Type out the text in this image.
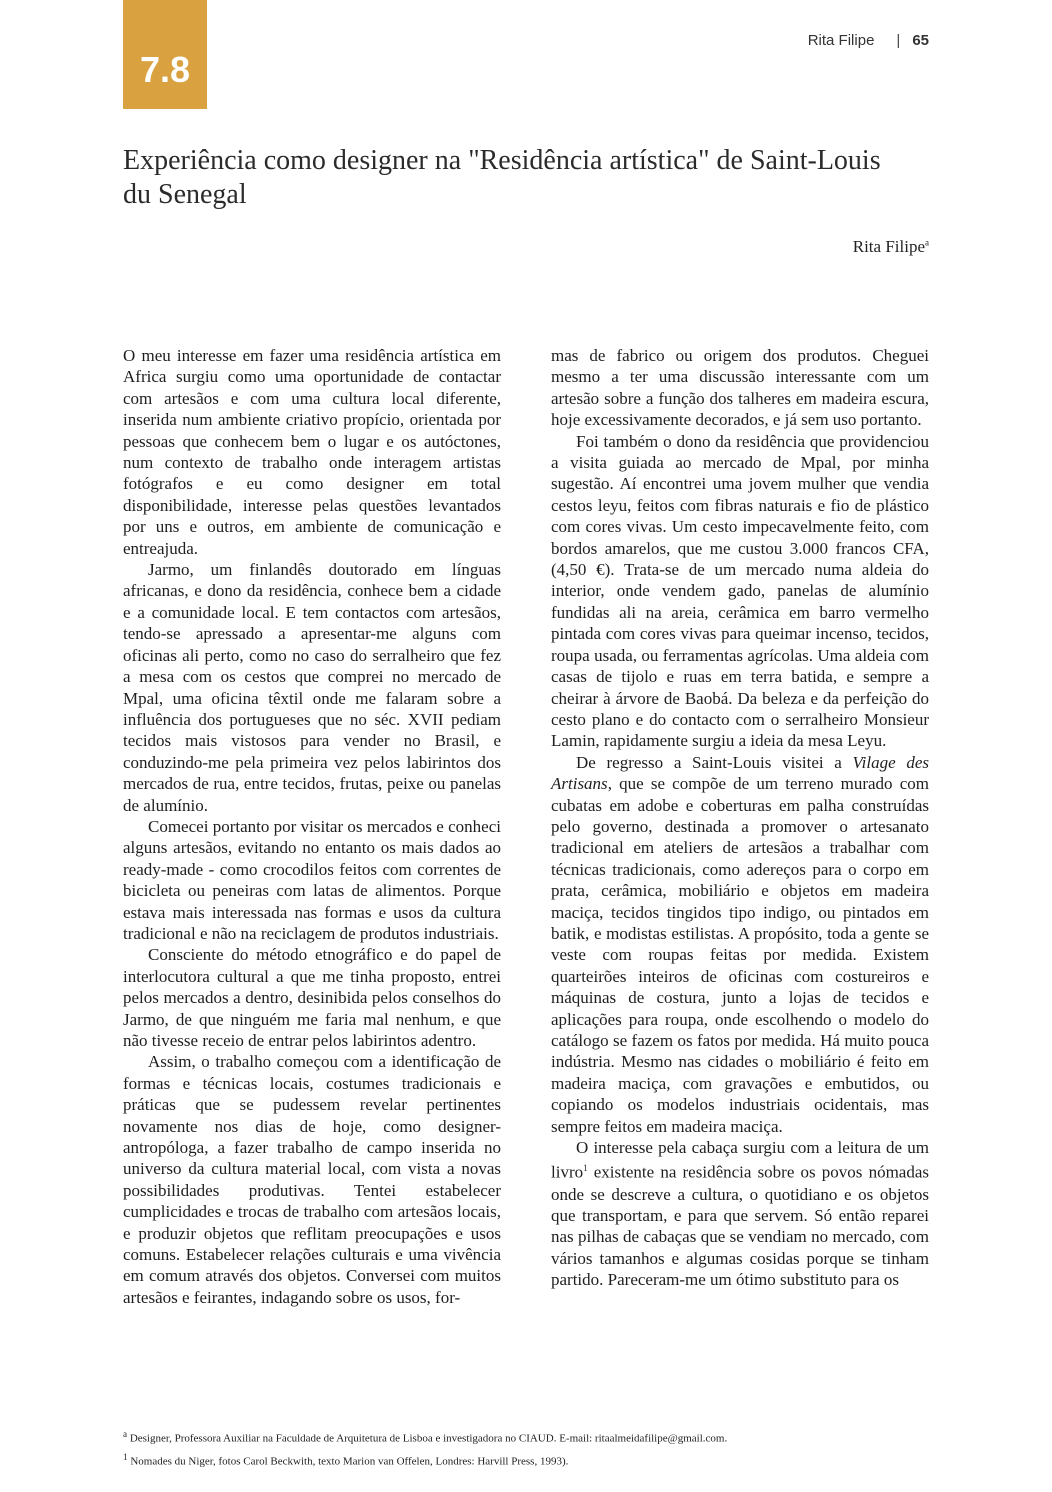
7.8
Rita Filipe | 65
Experiência como designer na "Residência artística" de Saint-Louis du Senegal
Rita Filipe$^a$

O meu interesse em fazer uma residência artística em Africa surgiu como uma oportunidade de contactar com artesãos e com uma cultura local diferente, inserida num ambiente criativo propício, orientada por pessoas que conhecem bem o lugar e os autóctones, num contexto de trabalho onde interagem artistas fotógrafos e eu como designer em total disponibilidade, interesse pelas questões levantados por uns e outros, em ambiente de comunicação e entreajuda.

Jarmo, um finlandês doutorado em línguas africanas, e dono da residência, conhece bem a cidade e a comunidade local. E tem contactos com artesãos, tendo-se apressado a apresentar-me alguns com oficinas ali perto, como no caso do serralheiro que fez a mesa com os cestos que comprei no mercado de Mpal, uma oficina têxtil onde me falaram sobre a influência dos portugueses que no séc. XVII pediam tecidos mais vistosos para vender no Brasil, e conduzindo-me pela primeira vez pelos labirintos dos mercados de rua, entre tecidos, frutas, peixe ou panelas de alumínio.

Comecei portanto por visitar os mercados e conheci alguns artesãos, evitando no entanto os mais dados ao ready-made - como crocodilos feitos com correntes de bicicleta ou peneiras com latas de alimentos. Porque estava mais interessada nas formas e usos da cultura tradicional e não na reciclagem de produtos industriais.

Consciente do método etnográfico e do papel de interlocutora cultural a que me tinha proposto, entrei pelos mercados a dentro, desinibida pelos conselhos do Jarmo, de que ninguém me faria mal nenhum, e que não tivesse receio de entrar pelos labirintos adentro.

Assim, o trabalho começou com a identificação de formas e técnicas locais, costumes tradicionais e práticas que se pudessem revelar pertinentes novamente nos dias de hoje, como designer-antropóloga, a fazer trabalho de campo inserida no universo da cultura material local, com vista a novas possibilidades produtivas. Tentei estabelecer cumplicidades e trocas de trabalho com artesãos locais, e produzir objetos que reflitam preocupações e usos comuns. Estabelecer relações culturais e uma vivência em comum através dos objetos. Conversei com muitos artesãos e feirantes, indagando sobre os usos, for-

mas de fabrico ou origem dos produtos. Cheguei mesmo a ter uma discussão interessante com um artesão sobre a função dos talheres em madeira escura, hoje excessivamente decorados, e já sem uso portanto.

Foi também o dono da residência que providenciou a visita guiada ao mercado de Mpal, por minha sugestão. Aí encontrei uma jovem mulher que vendia cestos leyu, feitos com fibras naturais e fio de plástico com cores vivas. Um cesto impecavelmente feito, com bordos amarelos, que me custou 3.000 francos CFA, (4,50 €). Trata-se de um mercado numa aldeia do interior, onde vendem gado, panelas de alumínio fundidas ali na areia, cerâmica em barro vermelho pintada com cores vivas para queimar incenso, tecidos, roupa usada, ou ferramentas agrícolas. Uma aldeia com casas de tijolo e ruas em terra batida, e sempre a cheirar à árvore de Baobá. Da beleza e da perfeição do cesto plano e do contacto com o serralheiro Monsieur Lamin, rapidamente surgiu a ideia da mesa Leyu.

De regresso a Saint-Louis visitei a Vilage des Artisans, que se compõe de um terreno murado com cubatas em adobe e coberturas em palha construídas pelo governo, destinada a promover o artesanato tradicional em ateliers de artesãos a trabalhar com técnicas tradicionais, como adereços para o corpo em prata, cerâmica, mobiliário e objetos em madeira maciça, tecidos tingidos tipo indigo, ou pintados em batik, e modistas estilistas. A propósito, toda a gente se veste com roupas feitas por medida. Existem quarteirões inteiros de oficinas com costureiros e máquinas de costura, junto a lojas de tecidos e aplicações para roupa, onde escolhendo o modelo do catálogo se fazem os fatos por medida. Há muito pouca indústria. Mesmo nas cidades o mobiliário é feito em madeira maciça, com gravações e embutidos, ou copiando os modelos industriais ocidentais, mas sempre feitos em madeira maciça.

O interesse pela cabaça surgiu com a leitura de um livro$^1$ existente na residência sobre os povos nómadas onde se descreve a cultura, o quotidiano e os objetos que transportam, e para que servem. Só então reparei nas pilhas de cabaças que se vendiam no mercado, com vários tamanhos e algumas cosidas porque se tinham partido. Pareceram-me um ótimo substituto para os

$^a$ Designer, Professora Auxiliar na Faculdade de Arquitetura de Lisboa e investigadora no CIAUD. E-mail: ritaalmeidafilipe@gmail.com.
$^1$ Nomades du Niger, fotos Carol Beckwith, texto Marion van Offelen, Londres: Harvill Press, 1993).
